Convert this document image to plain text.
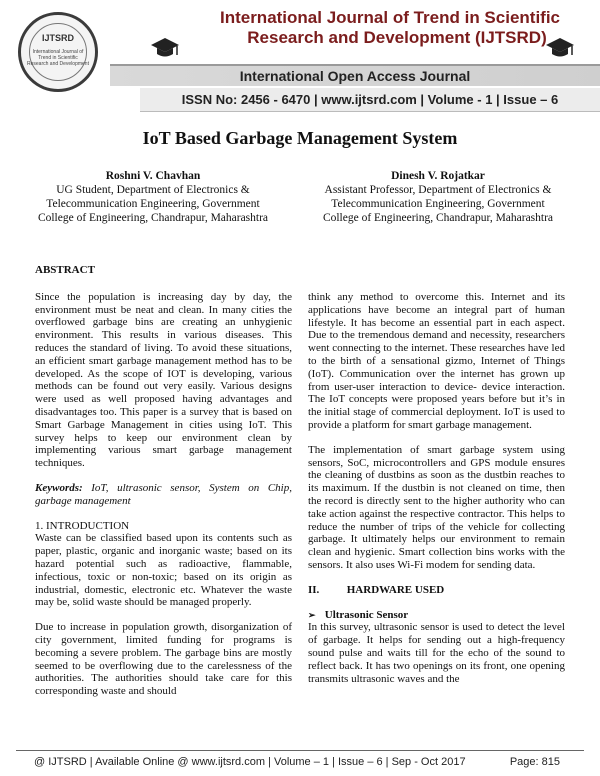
IJTSRD
International Journal of Trend in Scientific Research and Development
International Journal of Trend in Scientific
Research and Development (IJTSRD)
International Open Access Journal
ISSN No: 2456 - 6470 | www.ijtsrd.com | Volume - 1 | Issue – 6
IoT Based Garbage Management System
Roshni V. Chavhan
UG Student, Department of Electronics &
Telecommunication Engineering, Government
College of Engineering, Chandrapur, Maharashtra
Dinesh V. Rojatkar
Assistant Professor, Department of Electronics &
Telecommunication Engineering, Government
College of Engineering, Chandrapur, Maharashtra
ABSTRACT
Since the population is increasing day by day, the environment must be neat and clean. In many cities the overflowed garbage bins are creating an unhygienic environment. This results in various diseases. This reduces the standard of living. To avoid these situations, an efficient smart garbage management method has to be developed. As the scope of IOT is developing, various methods can be found out very easily. Various designs were used as well proposed having advantages and disadvantages too. This paper is a survey that is based on Smart Garbage Management in cities using IoT. This survey helps to keep our environment clean by implementing various smart garbage management techniques.
Keywords: IoT, ultrasonic sensor, System on Chip, garbage management
1. INTRODUCTION
Waste can be classified based upon its contents such as paper, plastic, organic and inorganic waste; based on its hazard potential such as radioactive, flammable, infectious, toxic or non-toxic; based on its origin as industrial, domestic, electronic etc. Whatever the waste may be, solid waste should be managed properly.
Due to increase in population growth, disorganization of city government, limited funding for programs is becoming a severe problem. The garbage bins are mostly seemed to be overflowing due to the carelessness of the authorities. The authorities should take care for this corresponding waste and should
think any method to overcome this. Internet and its applications have become an integral part of human lifestyle. It has become an essential part in each aspect. Due to the tremendous demand and necessity, researchers went connecting to the internet. These researches have led to the birth of a sensational gizmo, Internet of Things (IoT). Communication over the internet has grown up from user-user interaction to device- device interaction. The IoT concepts were proposed years before but it’s in the initial stage of commercial deployment. IoT is used to provide a platform for smart garbage management.
The implementation of smart garbage system using sensors, SoC, microcontrollers and GPS module ensures the cleaning of dustbins as soon as the dustbin reaches to its maximum. If the dustbin is not cleaned on time, then the record is directly sent to the higher authority who can take action against the respective contractor. This helps to reduce the number of trips of the vehicle for collecting garbage. It ultimately helps our environment to remain clean and hygienic. Smart collection bins works with the sensors. It also uses Wi-Fi modem for sending data.
II. HARDWARE USED
➢ Ultrasonic Sensor
In this survey, ultrasonic sensor is used to detect the level of garbage. It helps for sending out a high-frequency sound pulse and waits till for the echo of the sound to reflect back. It has two openings on its front, one opening transmits ultrasonic waves and the
@ IJTSRD | Available Online @ www.ijtsrd.com | Volume – 1 | Issue – 6 | Sep - Oct 2017	Page: 815
